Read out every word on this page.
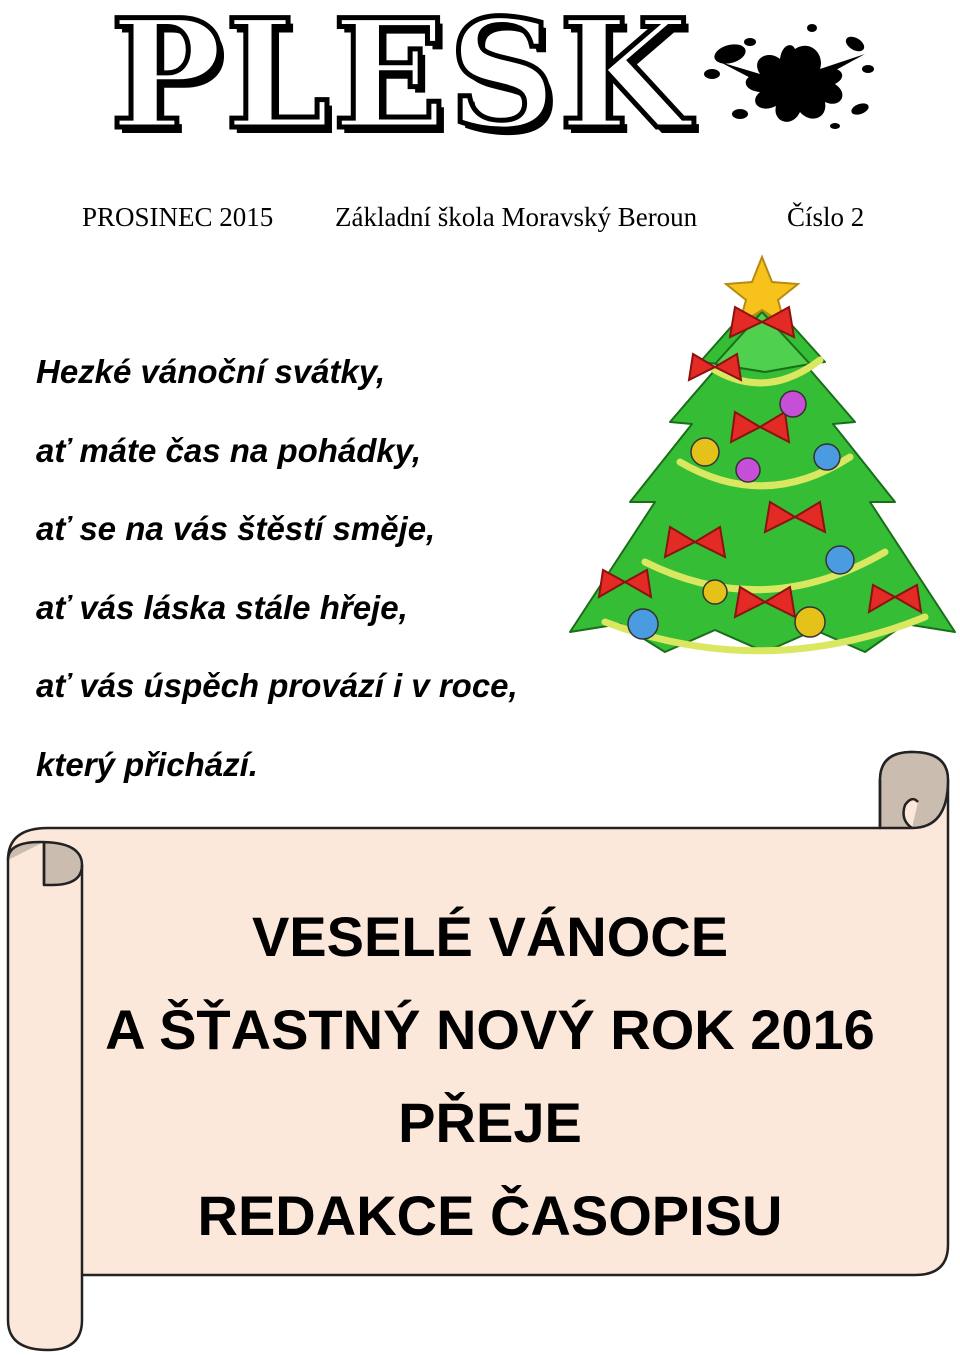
PLESK
PROSINEC 2015 Základní škola Moravský Beroun	Číslo 2
Hezké vánoční svátky,
ať máte čas na pohádky,
ať se na vás štěstí směje,
ať vás láska stále hřeje,
ať vás úspěch provází i v roce,
který přichází.
VESELÉ VÁNOCE
A ŠŤASTNÝ NOVÝ ROK 2016
PŘEJE
REDAKCE ČASOPISU
